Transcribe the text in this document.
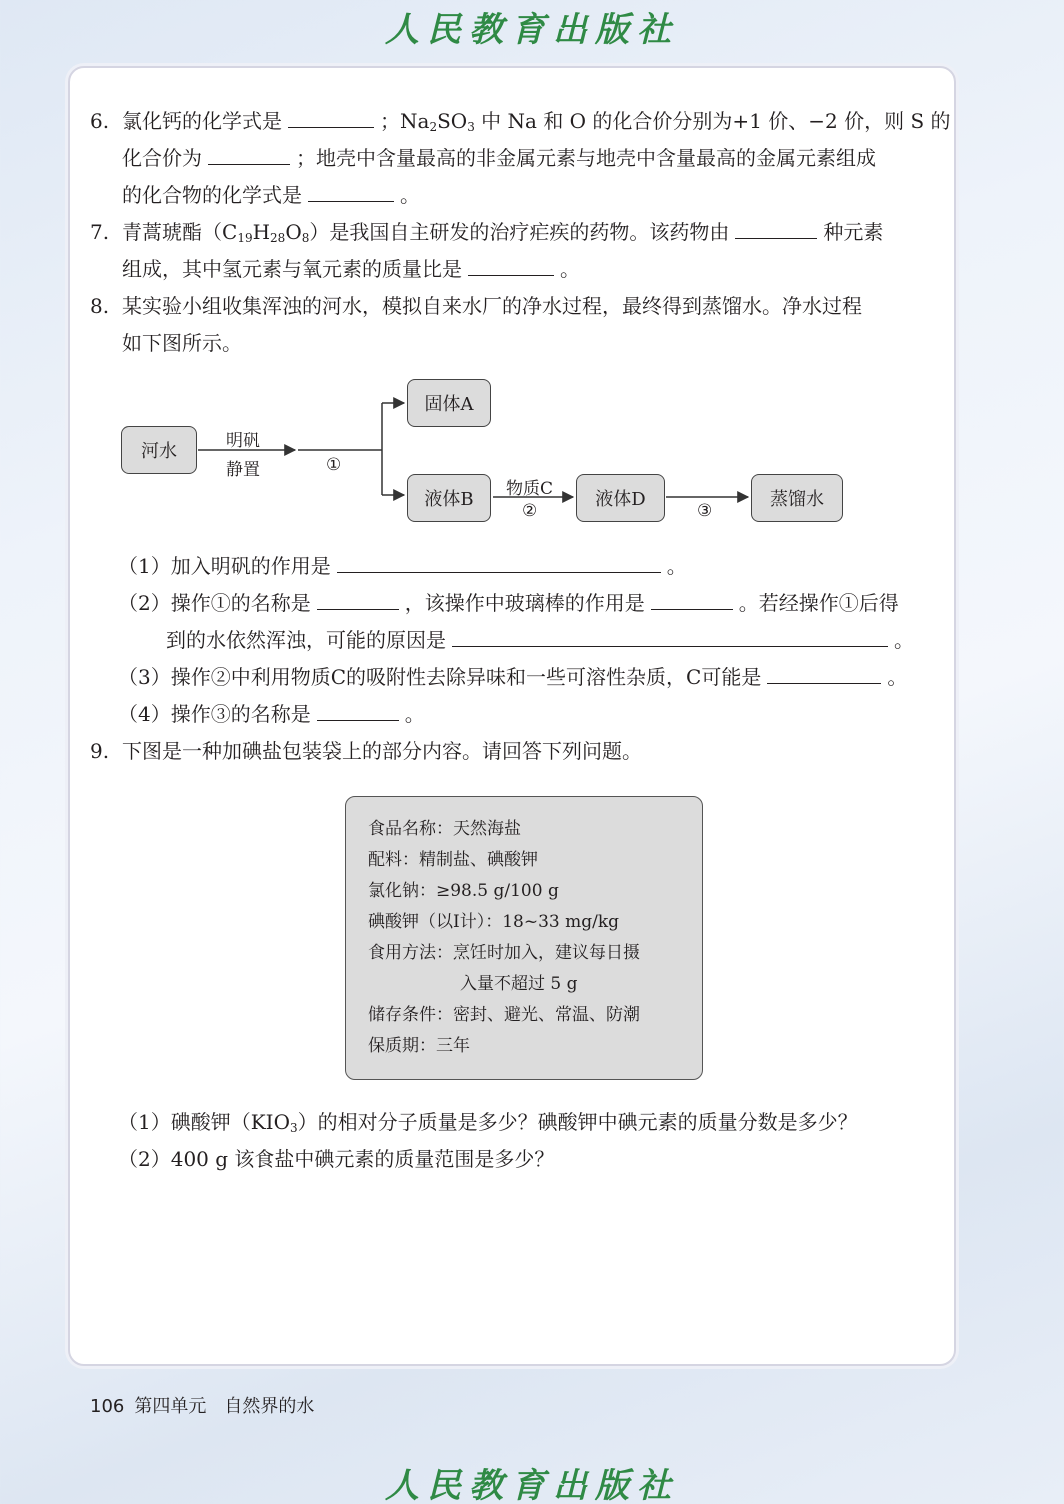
人民教育出版社
6. 氯化钙的化学式是	；$Na_2SO_3$ 中 Na 和 O 的化合价分别为+1 价、−2 价，则 S 的
化合价为	；地壳中含量最高的非金属元素与地壳中含量最高的金属元素组成
的化合物的化学式是	。
7. 青蒿琥酯$(C_{19}H_{28}O_8)$是我国自主研发的治疗疟疾的药物。该药物由	种元素
组成，其中氢元素与氧元素的质量比是	。
8. 某实验小组收集浑浊的河水，模拟自来水厂的净水过程，最终得到蒸馏水。净水过程
如下图所示。
河水	明矾
静置	①
固体A
液体B	物质C
②
液体D
③
蒸馏水
（1）加入明矾的作用是	。
（2）操作①的名称是	，该操作中玻璃棒的作用是	。若经操作①后得
到的水依然浑浊，可能的原因是	。
（3）操作②中利用物质C的吸附性去除异味和一些可溶性杂质，C可能是	。
（4）操作③的名称是	。
9. 下图是一种加碘盐包装袋上的部分内容。请回答下列问题。
食品名称：天然海盐
配料：精制盐、碘酸钾
氯化钠：≥98.5 g/100 g
碘酸钾（以I计）：18~33 mg/kg
食用方法：烹饪时加入，建议每日摄
入量不超过 5 g
储存条件：密封、避光、常温、防潮
保质期：三年
（1）碘酸钾$(KIO_3)$的相对分子质量是多少？碘酸钾中碘元素的质量分数是多少？
（2）400 g 该食盐中碘元素的质量范围是多少？
106 第四单元 自然界的水
人民教育出版社
